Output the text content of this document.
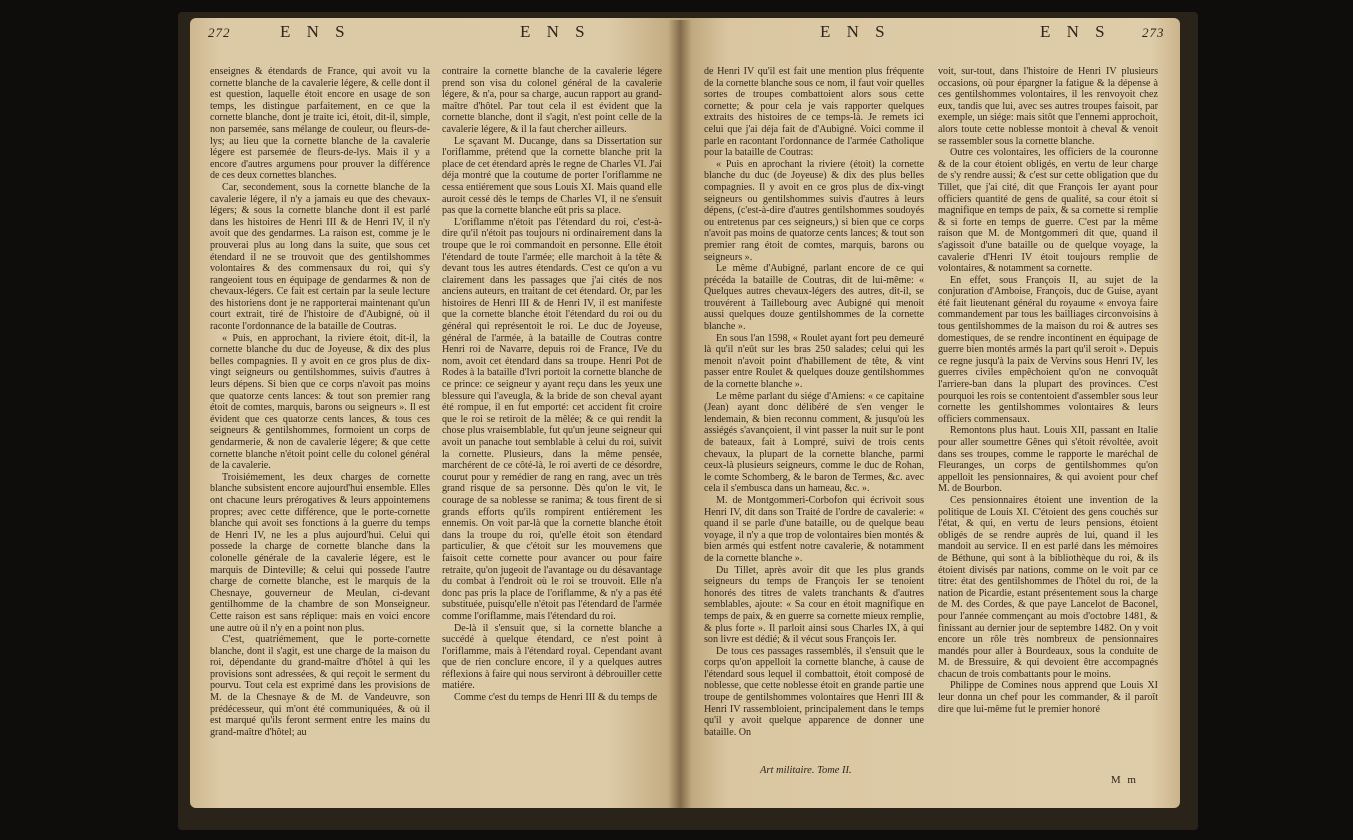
272	E N S	E N S

enseignes & étendards de France, qui avoit vu la cornette blanche de la cavalerie légere, & celle dont il est question, laquelle étoit encore en usage de son temps, les distingue parfaitement, en ce que la cornette blanche, dont je traite ici, étoit, dit-il, simple, non parsemée, sans mélange de couleur, ou fleurs-de-lys; au lieu que la cornette blanche de la cavalerie légere est parsemée de fleurs-de-lys. Mais il y a encore d'autres argumens pour prouver la différence de ces deux cornettes blanches.

Car, secondement, sous la cornette blanche de la cavalerie légere, il n'y a jamais eu que des chevaux-légers; & sous la cornette blanche dont il est parlé dans les histoires de Henri III & de Henri IV, il n'y avoit que des gendarmes. La raison est, comme je le prouverai plus au long dans la suite, que sous cet étendard il ne se trouvoit que des gentilshommes volontaires & des commensaux du roi, qui s'y rangeoient tous en équipage de gendarmes & non de chevaux-légers. Ce fait est certain par la seule lecture des historiens dont je ne rapporterai maintenant qu'un court extrait, tiré de l'histoire de d'Aubigné, où il raconte l'ordonnance de la bataille de Coutras.

« Puis, en approchant, la riviere étoit, dit-il, la cornette blanche du duc de Joyeuse, & dix des plus belles compagnies. Il y avoit en ce gros plus de dix-vingt seigneurs ou gentilshommes, suivis d'autres à leurs dépens. Si bien que ce corps n'avoit pas moins que quatorze cents lances: & tout son premier rang étoit de comtes, marquis, barons ou seigneurs ». Il est évident que ces quatorze cents lances, & tous ces seigneurs & gentilshommes, formoient un corps de gendarmerie, & non de cavalerie légere; & que cette cornette blanche n'étoit point celle du colonel général de la cavalerie.

Troisiémement, les deux charges de cornette blanche subsistent encore aujourd'hui ensemble. Elles ont chacune leurs prérogatives & leurs appointemens propres; avec cette différence, que le porte-cornette blanche qui avoit ses fonctions à la guerre du temps de Henri IV, ne les a plus aujourd'hui. Celui qui possede la charge de cornette blanche dans la colonelle générale de la cavalerie légere, est le marquis de Dinteville; & celui qui possede l'autre charge de cornette blanche, est le marquis de la Chesnaye, gouverneur de Meulan, ci-devant gentilhomme de la chambre de son Monseigneur. Cette raison est sans réplique: mais en voici encore une autre où il n'y en a point non plus.

C'est, quatriémement, que le porte-cornette blanche, dont il s'agit, est une charge de la maison du roi, dépendante du grand-maître d'hôtel à qui les provisions sont adressées, & qui reçoit le serment du pourvu. Tout cela est exprimé dans les provisions de M. de la Chesnaye & de M. de Vandeuvre, son prédécesseur, qui m'ont été communiquées, & où il est marqué qu'ils feront serment entre les mains du grand-maître d'hôtel; au

contraire la cornette blanche de la cavalerie légere prend son visa du colonel général de la cavalerie légere, & n'a, pour sa charge, aucun rapport au grand-maître d'hôtel. Par tout cela il est évident que la cornette blanche, dont il s'agit, n'est point celle de la cavalerie légere, & il la faut chercher ailleurs.

Le sçavant M. Ducange, dans sa Dissertation sur l'oriflamme, prétend que la cornette blanche prit la place de cet étendard après le regne de Charles VI. J'ai déja montré que la coutume de porter l'oriflamme ne cessa entiérement que sous Louis XI. Mais quand elle auroit cessé dès le temps de Charles VI, il ne s'ensuit pas que la cornette blanche eût pris sa place.

L'oriflamme n'étoit pas l'étendard du roi, c'est-à-dire qu'il n'étoit pas toujours ni ordinairement dans la troupe que le roi commandoit en personne. Elle étoit l'étendard de toute l'armée; elle marchoit à la tête & devant tous les autres étendards. C'est ce qu'on a vu clairement dans les passages que j'ai cités de nos anciens auteurs, en traitant de cet étendard. Or, par les histoires de Henri III & de Henri IV, il est manifeste que la cornette blanche étoit l'étendard du roi ou du général qui représentoit le roi. Le duc de Joyeuse, général de l'armée, à la bataille de Coutras contre Henri roi de Navarre, depuis roi de France, IVe du nom, avoit cet étendard dans sa troupe. Henri Pot de Rodes à la bataille d'Ivri portoit la cornette blanche de ce prince: ce seigneur y ayant reçu dans les yeux une blessure qui l'aveugla, & la bride de son cheval ayant été rompue, il en fut emporté: cet accident fit croire que le roi se retiroit de la mêlée; & ce qui rendit la chose plus vraisemblable, fut qu'un jeune seigneur qui avoit un panache tout semblable à celui du roi, suivit la cornette. Plusieurs, dans la même pensée, marchérent de ce côté-là, le roi averti de ce désordre, courut pour y remédier de rang en rang, avec un très grand risque de sa personne. Dès qu'on le vit, le courage de sa noblesse se ranima; & tous firent de si grands efforts qu'ils rompirent entiérement les ennemis. On voit par-là que la cornette blanche étoit dans la troupe du roi, qu'elle étoit son étendard particulier, & que c'étoit sur les mouvemens que faisoit cette cornette pour avancer ou pour faire retraite, qu'on jugeoit de l'avantage ou du désavantage du combat à l'endroit où le roi se trouvoit. Elle n'a donc pas pris la place de l'oriflamme, & n'y a pas été substituée, puisqu'elle n'étoit pas l'étendard de l'armée comme l'oriflamme, mais l'étendard du roi.

De-là il s'ensuit que, si la cornette blanche a succédé à quelque étendard, ce n'est point à l'oriflamme, mais à l'étendard royal. Cependant avant que de rien conclure encore, il y a quelques autres réflexions à faire qui nous serviront à débrouiller cette matiére.

Comme c'est du temps de Henri III & du temps de

E N S	E N S 273

de Henri IV qu'il est fait une mention plus fréquente de la cornette blanche sous ce nom, il faut voir quelles sortes de troupes combattoient alors sous cette cornette; & pour cela je vais rapporter quelques extraits des histoires de ce temps-là. Je remets ici celui que j'ai déja fait de d'Aubigné. Voici comme il parle en racontant l'ordonnance de l'armée Catholique pour la bataille de Coutras:

« Puis en aprochant la riviere (étoit) la cornette blanche du duc (de Joyeuse) & dix des plus belles compagnies. Il y avoit en ce gros plus de dix-vingt seigneurs ou gentilshommes suivis d'autres à leurs dépens, (c'est-à-dire d'autres gentilshommes soudoyés ou entretenus par ces seigneurs,) si bien que ce corps n'avoit pas moins de quatorze cents lances; & tout son premier rang étoit de comtes, marquis, barons ou seigneurs ».

Le même d'Aubigné, parlant encore de ce qui précéda la bataille de Coutras, dit de lui-même: « Quelques autres chevaux-légers des autres, dit-il, se trouvérent à Taillebourg avec Aubigné qui menoit aussi quelques douze gentilshommes de la cornette blanche ».

En sous l'an 1598, « Roulet ayant fort peu demeuré là qu'il n'eût sur les bras 250 salades; celui qui les menoit n'avoit point d'habillement de tête, & vint passer entre Roulet & quelques douze gentilshommes de la cornette blanche ».

Le même parlant du siége d'Amiens: « ce capitaine (Jean) ayant donc délibéré de s'en venger le lendemain, & bien reconnu comment, & jusqu'où les assiégés s'avançoient, il vint passer la nuit sur le pont de bateaux, fait à Lompré, suivi de trois cents chevaux, la plupart de la cornette blanche, parmi ceux-là plusieurs seigneurs, comme le duc de Rohan, le comte Schomberg, & le baron de Termes, &c. avec cela il s'embusca dans un hameau, &c. ».

M. de Montgommeri-Corbofon qui écrivoit sous Henri IV, dit dans son Traité de l'ordre de cavalerie: « quand il se parle d'une bataille, ou de quelque beau voyage, il n'y a que trop de volontaires bien montés & bien armés qui estfent notre cavalerie, & notamment de la cornette blanche ».

Du Tillet, après avoir dit que les plus grands seigneurs du temps de François Ier se tenoient honorés des titres de valets tranchants & d'autres semblables, ajoute: « Sa cour en étoit magnifique en temps de paix, & en guerre sa cornette mieux remplie, & plus forte ». Il parloit ainsi sous Charles IX, à qui son livre est dédié; & il vécut sous François Ier.

De tous ces passages rassemblés, il s'ensuit que le corps qu'on appelloit la cornette blanche, à cause de l'étendard sous lequel il combattoit, étoit composé de noblesse, que cette noblesse étoit en grande partie une troupe de gentilshommes volontaires que Henri III & Henri IV rassembloient, principalement dans le temps qu'il y avoit quelque apparence de donner une bataille. On

voit, sur-tout, dans l'histoire de Henri IV plusieurs occasions, où pour épargner la fatigue & la dépense à ces gentilshommes volontaires, il les renvoyoit chez eux, tandis que lui, avec ses autres troupes faisoit, par exemple, un siége: mais sitôt que l'ennemi approchoit, alors toute cette noblesse montoit à cheval & venoit se rassembler sous la cornette blanche.

Outre ces volontaires, les officiers de la couronne & de la cour étoient obligés, en vertu de leur charge de s'y rendre aussi; & c'est sur cette obligation que du Tillet, que j'ai cité, dit que François Ier ayant pour officiers quantité de gens de qualité, sa cour étoit si magnifique en temps de paix, & sa cornette si remplie & si forte en temps de guerre. C'est par la même raison que M. de Montgommeri dit que, quand il s'agissoit d'une bataille ou de quelque voyage, la cavalerie d'Henri IV étoit toujours remplie de volontaires, & notamment sa cornette.

En effet, sous François II, au sujet de la conjuration d'Amboise, François, duc de Guise, ayant été fait lieutenant général du royaume « envoya faire commandement par tous les bailliages circonvoisins à tous gentilshommes de la maison du roi & autres ses domestiques, de se rendre incontinent en équipage de guerre bien montés armés la part qu'il seroit ». Depuis ce regne jusqu'à la paix de Vervins sous Henri IV, les guerres civiles empêchoient qu'on ne convoquât l'arriere-ban dans la plupart des provinces. C'est pourquoi les rois se contentoient d'assembler sous leur cornette les gentilshommes volontaires & leurs officiers commensaux.

Remontons plus haut. Louis XII, passant en Italie pour aller soumettre Gênes qui s'étoit révoltée, avoit dans ses troupes, comme le rapporte le maréchal de Fleuranges, un corps de gentilshommes qu'on appelloit les pensionnaires, & qui avoient pour chef M. de Bourbon.

Ces pensionnaires étoient une invention de la politique de Louis XI. C'étoient des gens couchés sur l'état, & qui, en vertu de leurs pensions, étoient obligés de se rendre auprès de lui, quand il les mandoit au service. Il en est parlé dans les mémoires de Béthune, qui sont à la bibliothèque du roi, & ils étoient divisés par nations, comme on le voit par ce titre: état des gentilshommes de l'hôtel du roi, de la nation de Picardie, estant présentement sous la charge de M. des Cordes, & que paye Lancelot de Baconel, pour l'année commençant au mois d'octobre 1481, & finissant au dernier jour de septembre 1482. On y voit encore un rôle très nombreux de pensionnaires mandés pour aller à Bourdeaux, sous la conduite de M. de Bressuire, & qui devoient être accompagnés chacun de trois combattants pour le moins.

Philippe de Comines nous apprend que Louis XI leur donna un chef pour les commander, & il paroît dire que lui-même fut le premier honoré

Art militaire. Tome II.
M m
